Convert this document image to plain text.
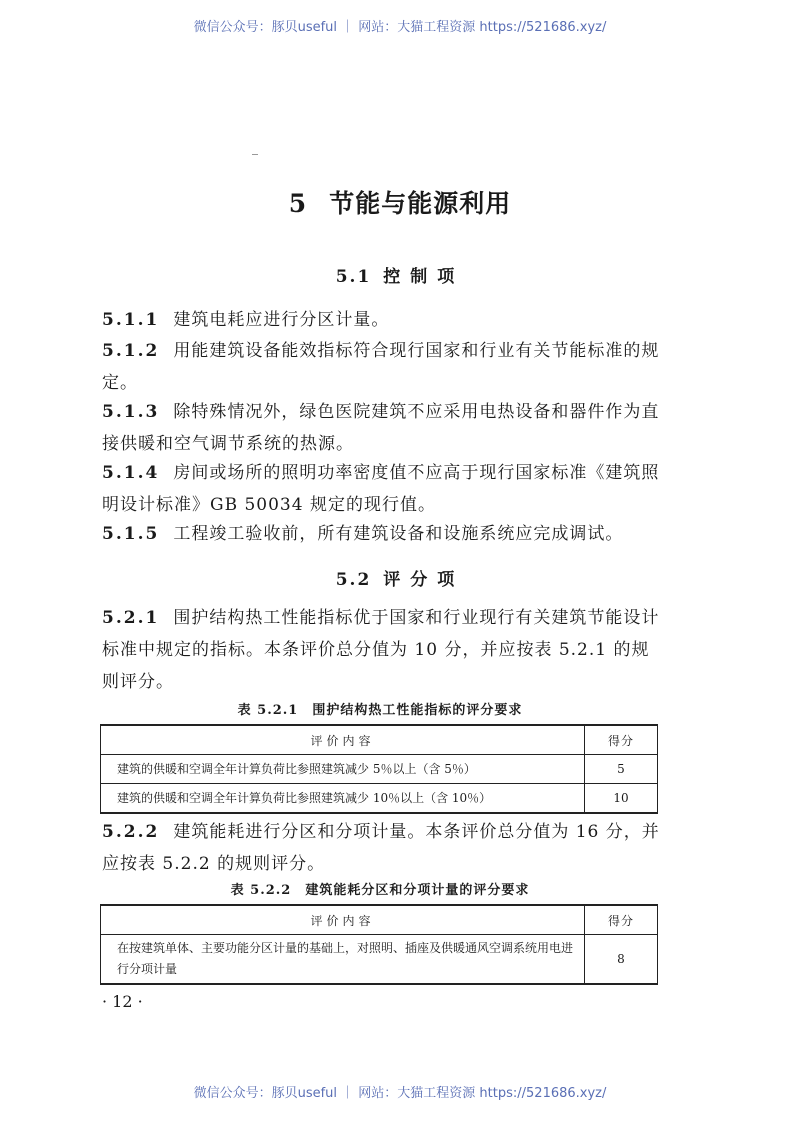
微信公众号：豚贝useful ｜ 网站：大猫工程资源 https://521686.xyz/
5 节能与能源利用
5.1 控制项
5.1.1 建筑电耗应进行分区计量。
5.1.2 用能建筑设备能效指标符合现行国家和行业有关节能标准的规定。
5.1.3 除特殊情况外，绿色医院建筑不应采用电热设备和器件作为直接供暖和空气调节系统的热源。
5.1.4 房间或场所的照明功率密度值不应高于现行国家标准《建筑照明设计标准》GB 50034 规定的现行值。
5.1.5 工程竣工验收前，所有建筑设备和设施系统应完成调试。
5.2 评分项
5.2.1 围护结构热工性能指标优于国家和行业现行有关建筑节能设计标准中规定的指标。本条评价总分值为 10 分，并应按表 5.2.1 的规则评分。
表 5.2.1 围护结构热工性能指标的评分要求
评价内容	得分
建筑的供暖和空调全年计算负荷比参照建筑减少 5％以上（含 5％）	5
建筑的供暖和空调全年计算负荷比参照建筑减少 10％以上（含 10％）	10
5.2.2 建筑能耗进行分区和分项计量。本条评价总分值为 16 分，并应按表 5.2.2 的规则评分。
表 5.2.2 建筑能耗分区和分项计量的评分要求
评价内容	得分
在按建筑单体、主要功能分区计量的基础上，对照明、插座及供暖通风空调系统用电进行分项计量	8
· 12 ·
微信公众号：豚贝useful ｜ 网站：大猫工程资源 https://521686.xyz/
